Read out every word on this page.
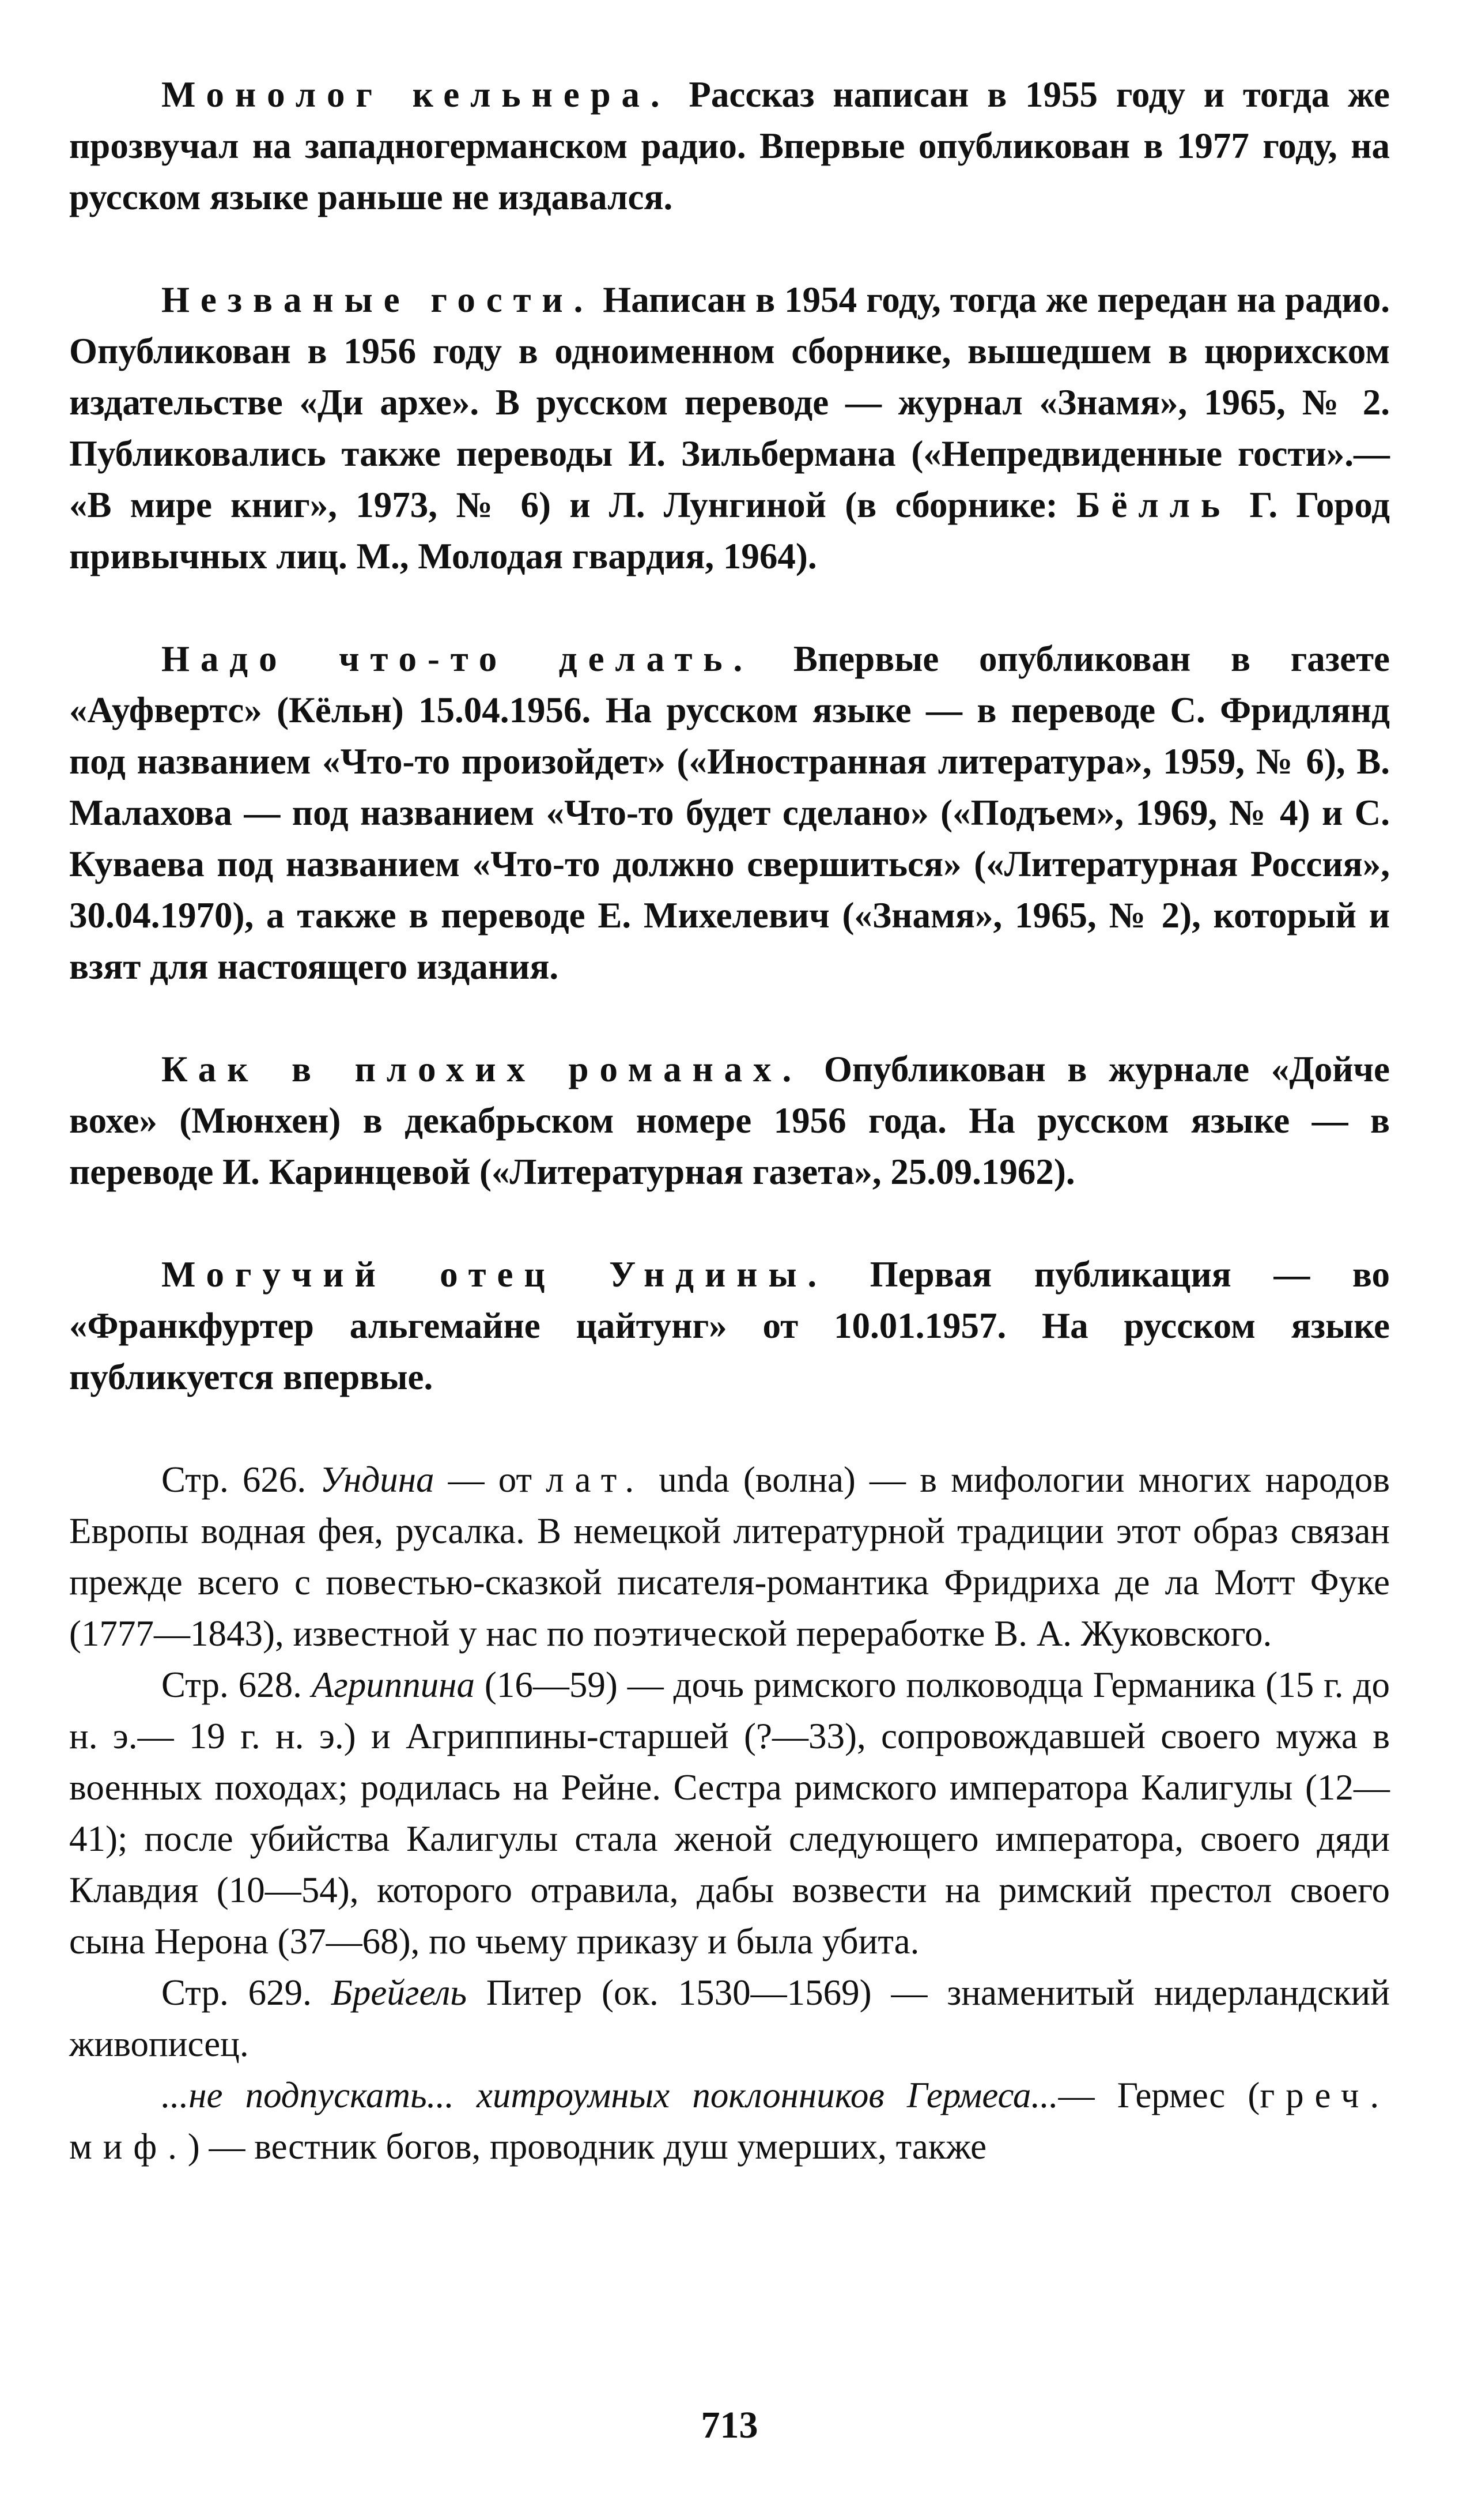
Монолог кельнера. Рассказ написан в 1955 году и тогда же прозвучал на западногерманском радио. Впервые опубликован в 1977 году, на русском языке раньше не издавался.

Незваные гости. Написан в 1954 году, тогда же передан на радио. Опубликован в 1956 году в одноименном сборнике, вышедшем в цюрихском издательстве «Ди архе». В русском переводе — журнал «Знамя», 1965, № 2. Публиковались также переводы И. Зильбермана («Непредвиденные гости».— «В мире книг», 1973, № 6) и Л. Лунгиной (в сборнике: Бёлль Г. Город привычных лиц. М., Молодая гвардия, 1964).

Надо что-то делать. Впервые опубликован в газете «Ауфвертс» (Кёльн) 15.04.1956. На русском языке — в переводе С. Фридлянд под названием «Что-то произойдет» («Иностранная литература», 1959, № 6), В. Малахова — под названием «Что-то будет сделано» («Подъем», 1969, № 4) и С. Куваева под названием «Что-то должно свершиться» («Литературная Россия», 30.04.1970), а также в переводе Е. Михелевич («Знамя», 1965, № 2), который и взят для настоящего издания.

Как в плохих романах. Опубликован в журнале «Дойче вохе» (Мюнхен) в декабрьском номере 1956 года. На русском языке — в переводе И. Каринцевой («Литературная газета», 25.09.1962).

Могучий отец Ундины. Первая публикация — во «Франкфуртер альгемайне цайтунг» от 10.01.1957. На русском языке публикуется впервые.

Стр. 626. Ундина — от лат. unda (волна) — в мифологии многих народов Европы водная фея, русалка. В немецкой литературной традиции этот образ связан прежде всего с повестью-сказкой писателя-романтика Фридриха де ла Мотт Фуке (1777—1843), известной у нас по поэтической переработке В. А. Жуковского.

Стр. 628. Агриппина (16—59) — дочь римского полководца Германика (15 г. до н. э.— 19 г. н. э.) и Агриппины-старшей (?—33), сопровождавшей своего мужа в военных походах; родилась на Рейне. Сестра римского императора Калигулы (12—41); после убийства Калигулы стала женой следующего императора, своего дяди Клавдия (10—54), которого отравила, дабы возвести на римский престол своего сына Нерона (37—68), по чьему приказу и была убита.

Стр. 629. Брейгель Питер (ок. 1530—1569) — знаменитый нидерландский живописец.

...не подпускать... хитроумных поклонников Гермеса...— Гермес (греч. миф.) — вестник богов, проводник душ умерших, также

713
